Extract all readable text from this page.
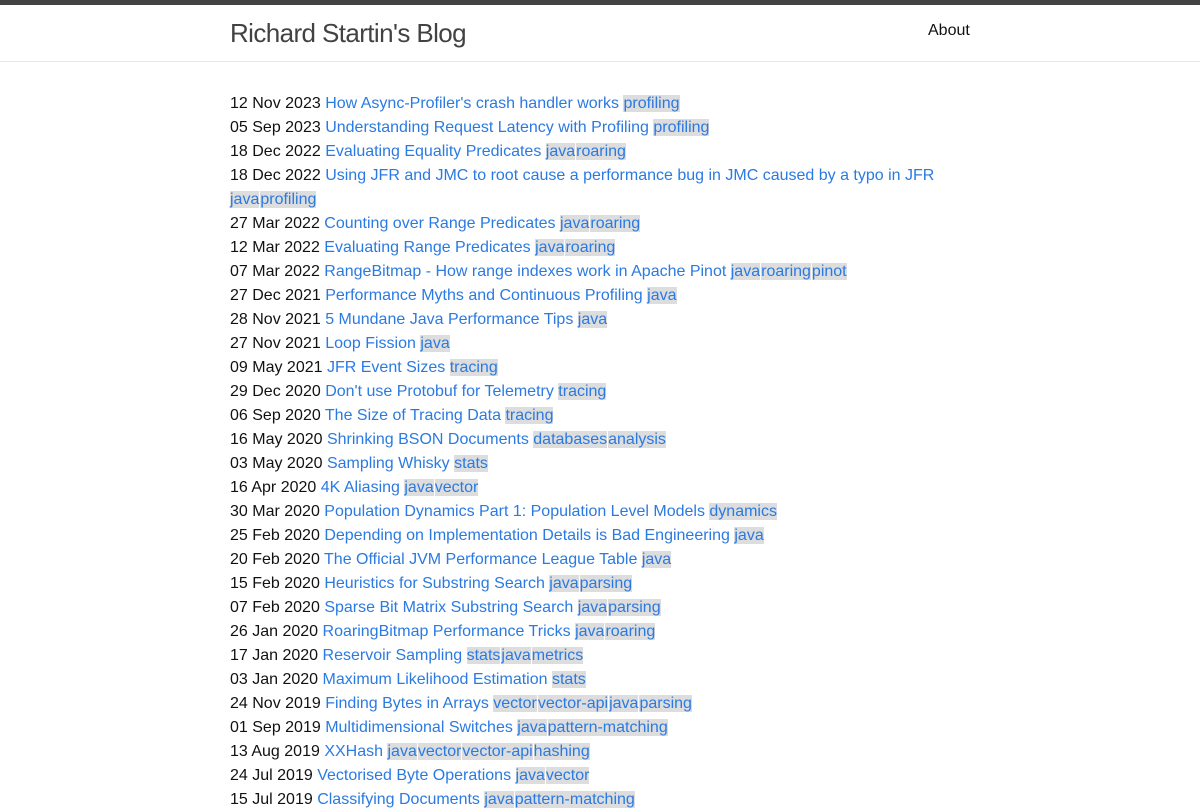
Richard Startin's Blog	About
12 Nov 2023 How Async-Profiler's crash handler works profiling
05 Sep 2023 Understanding Request Latency with Profiling profiling
18 Dec 2022 Evaluating Equality Predicates javaroaring
18 Dec 2022 Using JFR and JMC to root cause a performance bug in JMC caused by a typo in JFR javaprofiling
27 Mar 2022 Counting over Range Predicates javaroaring
12 Mar 2022 Evaluating Range Predicates javaroaring
07 Mar 2022 RangeBitmap - How range indexes work in Apache Pinot javaroaringpinot
27 Dec 2021 Performance Myths and Continuous Profiling java
28 Nov 2021 5 Mundane Java Performance Tips java
27 Nov 2021 Loop Fission java
09 May 2021 JFR Event Sizes tracing
29 Dec 2020 Don't use Protobuf for Telemetry tracing
06 Sep 2020 The Size of Tracing Data tracing
16 May 2020 Shrinking BSON Documents databasesanalysis
03 May 2020 Sampling Whisky stats
16 Apr 2020 4K Aliasing javavector
30 Mar 2020 Population Dynamics Part 1: Population Level Models dynamics
25 Feb 2020 Depending on Implementation Details is Bad Engineering java
20 Feb 2020 The Official JVM Performance League Table java
15 Feb 2020 Heuristics for Substring Search javaparsing
07 Feb 2020 Sparse Bit Matrix Substring Search javaparsing
26 Jan 2020 RoaringBitmap Performance Tricks javaroaring
17 Jan 2020 Reservoir Sampling statsjavametrics
03 Jan 2020 Maximum Likelihood Estimation stats
24 Nov 2019 Finding Bytes in Arrays vectorvector-apijavaparsing
01 Sep 2019 Multidimensional Switches javapattern-matching
13 Aug 2019 XXHash javavectorvector-apihashing
24 Jul 2019 Vectorised Byte Operations javavector
15 Jul 2019 Classifying Documents javapattern-matching
